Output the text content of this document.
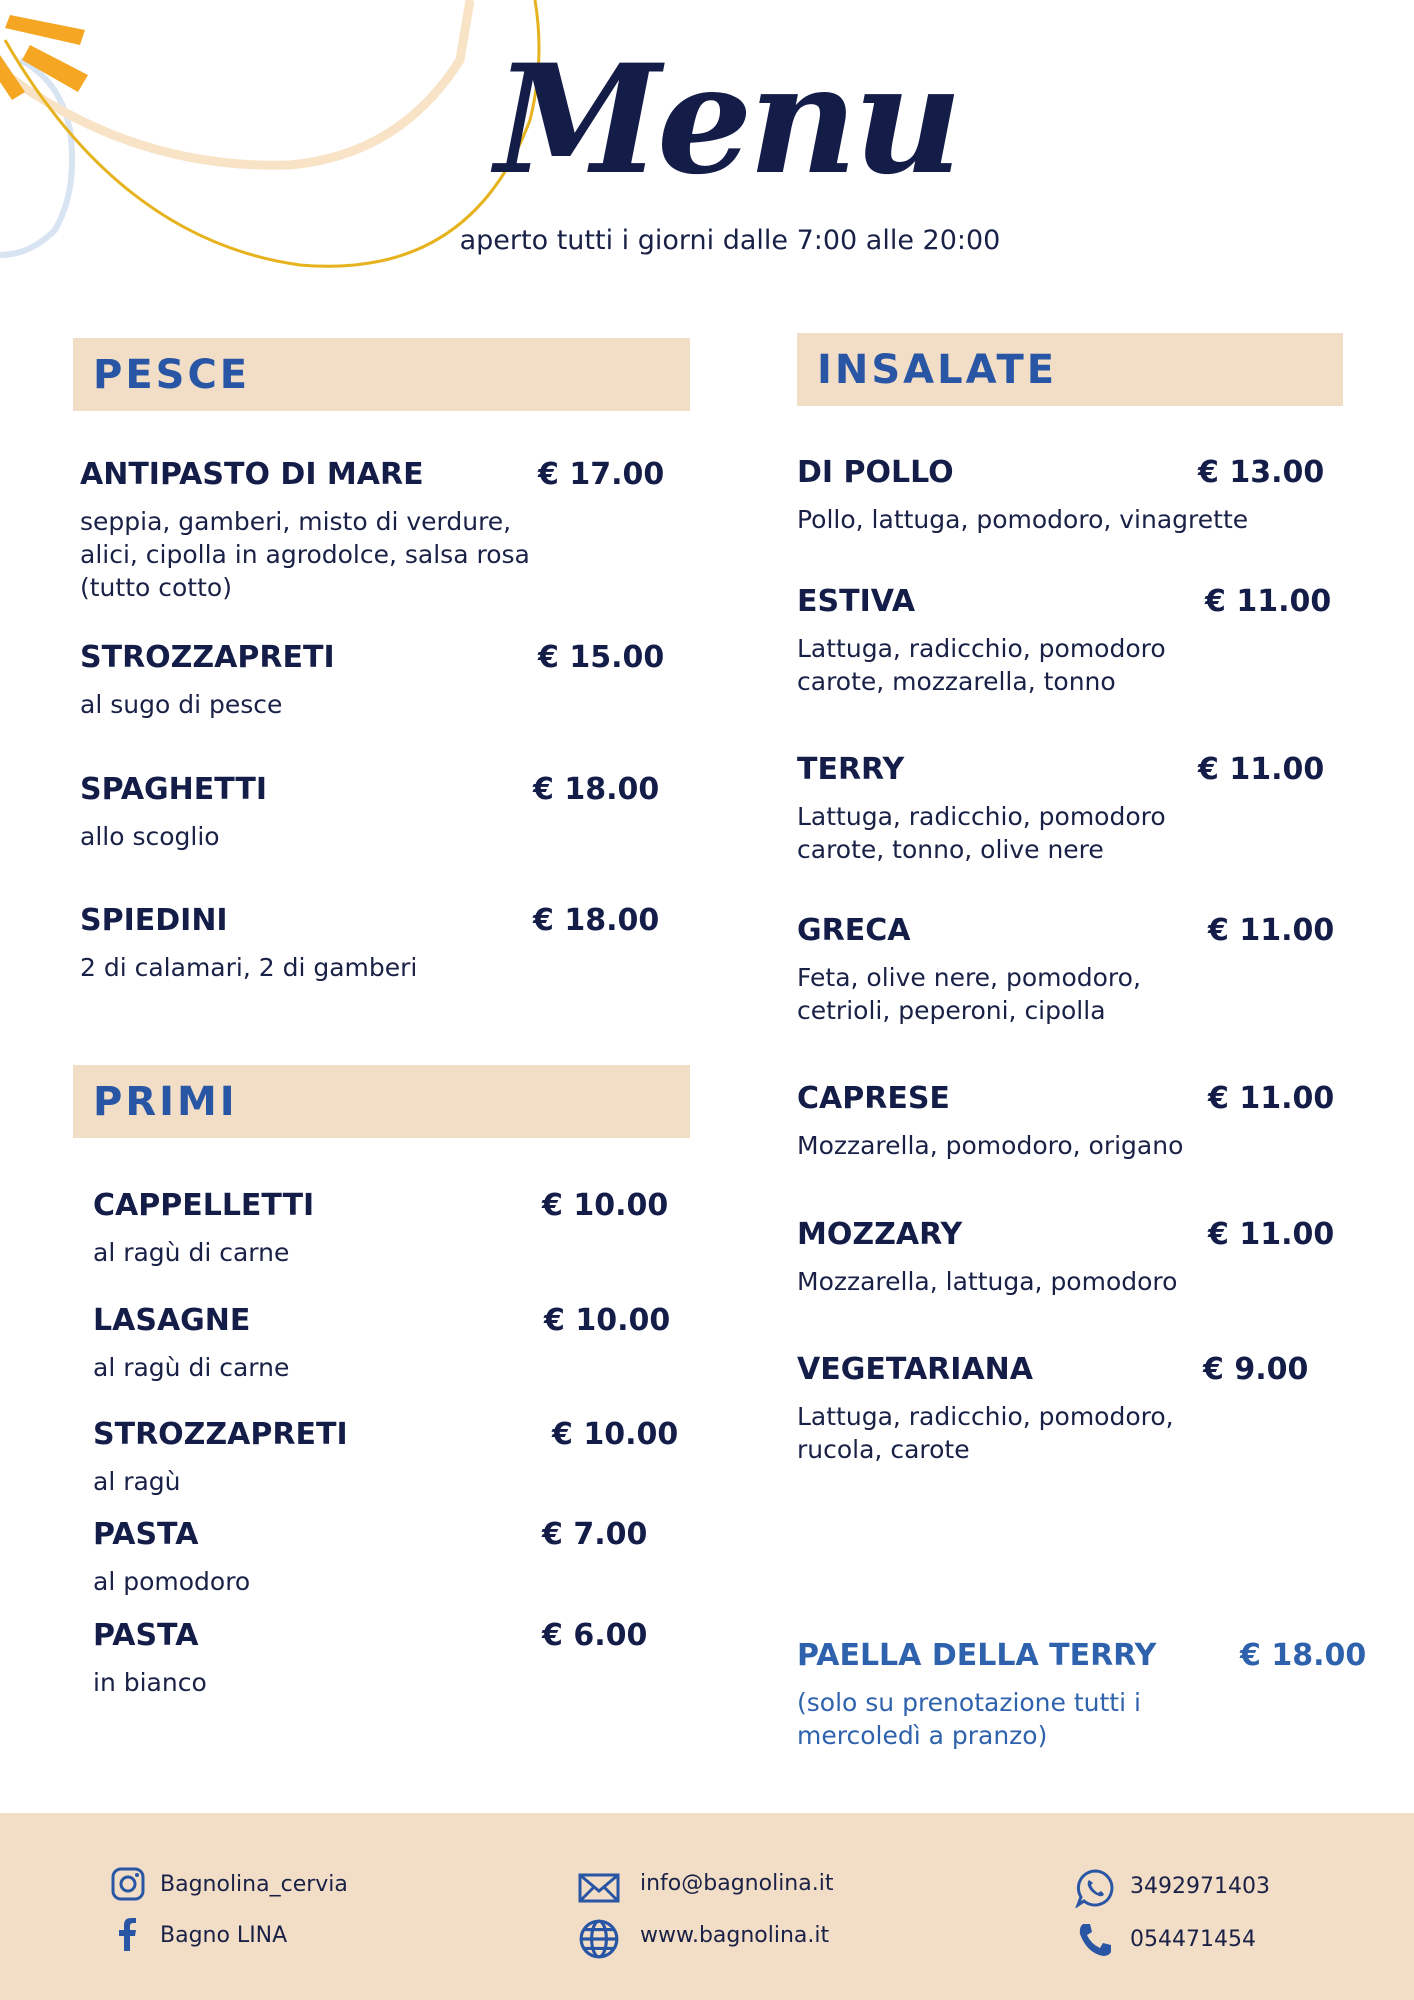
Menu
aperto tutti i giorni dalle 7:00 alle 20:00
PESCE
ANTIPASTO DI MARE	€ 17.00
seppia, gamberi, misto di verdure,
alici, cipolla in agrodolce, salsa rosa
(tutto cotto)
STROZZAPRETI	€ 15.00
al sugo di pesce
SPAGHETTI	€ 18.00
allo scoglio
SPIEDINI	€ 18.00
2 di calamari, 2 di gamberi
PRIMI
CAPPELLETTI	€ 10.00
al ragù di carne
LASAGNE	€ 10.00
al ragù di carne
STROZZAPRETI	€ 10.00
al ragù
PASTA	€ 7.00
al pomodoro
PASTA	€ 6.00
in bianco
INSALATE
DI POLLO	€ 13.00
Pollo, lattuga, pomodoro, vinagrette
ESTIVA	€ 11.00
Lattuga, radicchio, pomodoro
carote, mozzarella, tonno
TERRY	€ 11.00
Lattuga, radicchio, pomodoro
carote, tonno, olive nere
GRECA	€ 11.00
Feta, olive nere, pomodoro,
cetrioli, peperoni, cipolla
CAPRESE	€ 11.00
Mozzarella, pomodoro, origano
MOZZARY	€ 11.00
Mozzarella, lattuga, pomodoro
VEGETARIANA	€ 9.00
Lattuga, radicchio, pomodoro,
rucola, carote
PAELLA DELLA TERRY	€ 18.00
(solo su prenotazione tutti i
mercoledì a pranzo)
Bagnolina_cervia
Bagno LINA
info@bagnolina.it
www.bagnolina.it
3492971403
054471454
